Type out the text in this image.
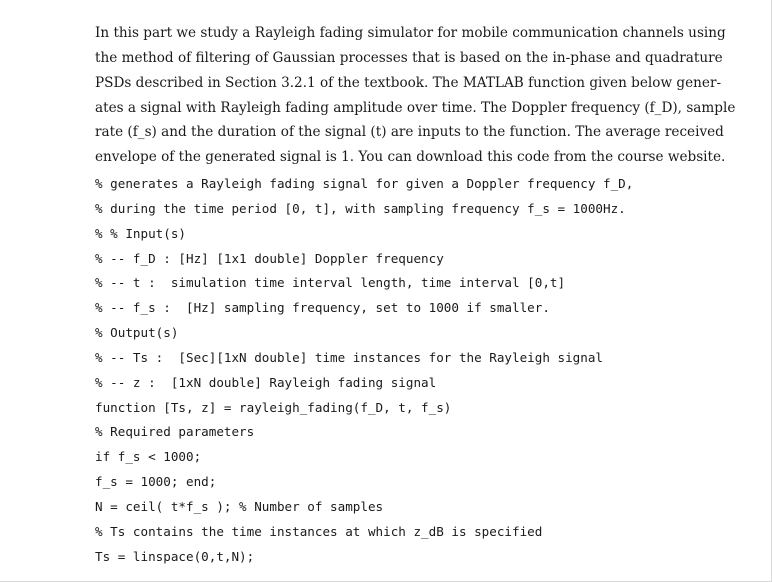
In this part we study a Rayleigh fading simulator for mobile communication channels using
the method of filtering of Gaussian processes that is based on the in-phase and quadrature
PSDs described in Section 3.2.1 of the textbook. The MATLAB function given below gener-
ates a signal with Rayleigh fading amplitude over time. The Doppler frequency (f_D), sample
rate (f_s) and the duration of the signal (t) are inputs to the function. The average received
envelope of the generated signal is 1. You can download this code from the course website.
% generates a Rayleigh fading signal for given a Doppler frequency f_D,
% during the time period [0, t], with sampling frequency f_s = 1000Hz.
% % Input(s)
% -- f_D : [Hz] [1x1 double] Doppler frequency
% -- t :  simulation time interval length, time interval [0,t]
% -- f_s :  [Hz] sampling frequency, set to 1000 if smaller.
% Output(s)
% -- Ts :  [Sec][1xN double] time instances for the Rayleigh signal
% -- z :  [1xN double] Rayleigh fading signal
function [Ts, z] = rayleigh_fading(f_D, t, f_s)
% Required parameters
if f_s < 1000;
f_s = 1000; end;
N = ceil( t*f_s ); % Number of samples
% Ts contains the time instances at which z_dB is specified
Ts = linspace(0,t,N);
